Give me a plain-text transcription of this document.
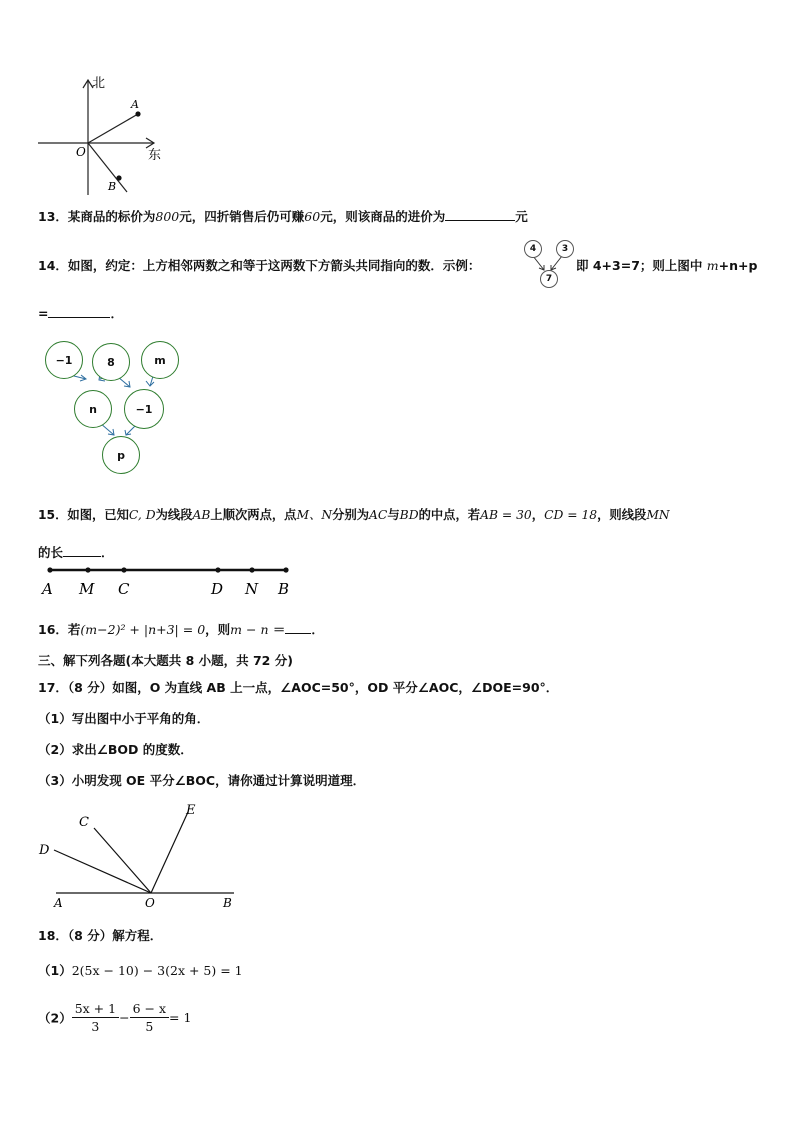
北
东
O
A
B
13．某商品的标价为800元，四折销售后仍可赚60元，则该商品的进价为	元
14．如图，约定：上方相邻两数之和等于这两数下方箭头共同指向的数．示例：
4	3
7
即 4+3=7；则上图中 m+n+p
=	．
−1	8	m
n	−1
p
15．如图，已知C, D为线段AB上顺次两点，点M、N分别为AC与BD的中点，若AB = 30，CD = 18，则线段MN
的长	．
A M C	D N B
16．若(m−2)² + |n+3| = 0，则m − n ＝ ．
三、解下列各题(本大题共 8 小题，共 72 分)
17．（8 分）如图，O 为直线 AB 上一点，∠AOC=50°，OD 平分∠AOC，∠DOE=90°．
（1）写出图中小于平角的角．
（2）求出∠BOD 的度数．
（3）小明发现 OE 平分∠BOC，请你通过计算说明道理．
C
E
D
A	O	B
18．（8 分）解方程．
（1）2(5x − 10) − 3(2x + 5) = 1
$(2) \frac{5x + 1}{3} - \frac{6 - x}{5} = 1$
